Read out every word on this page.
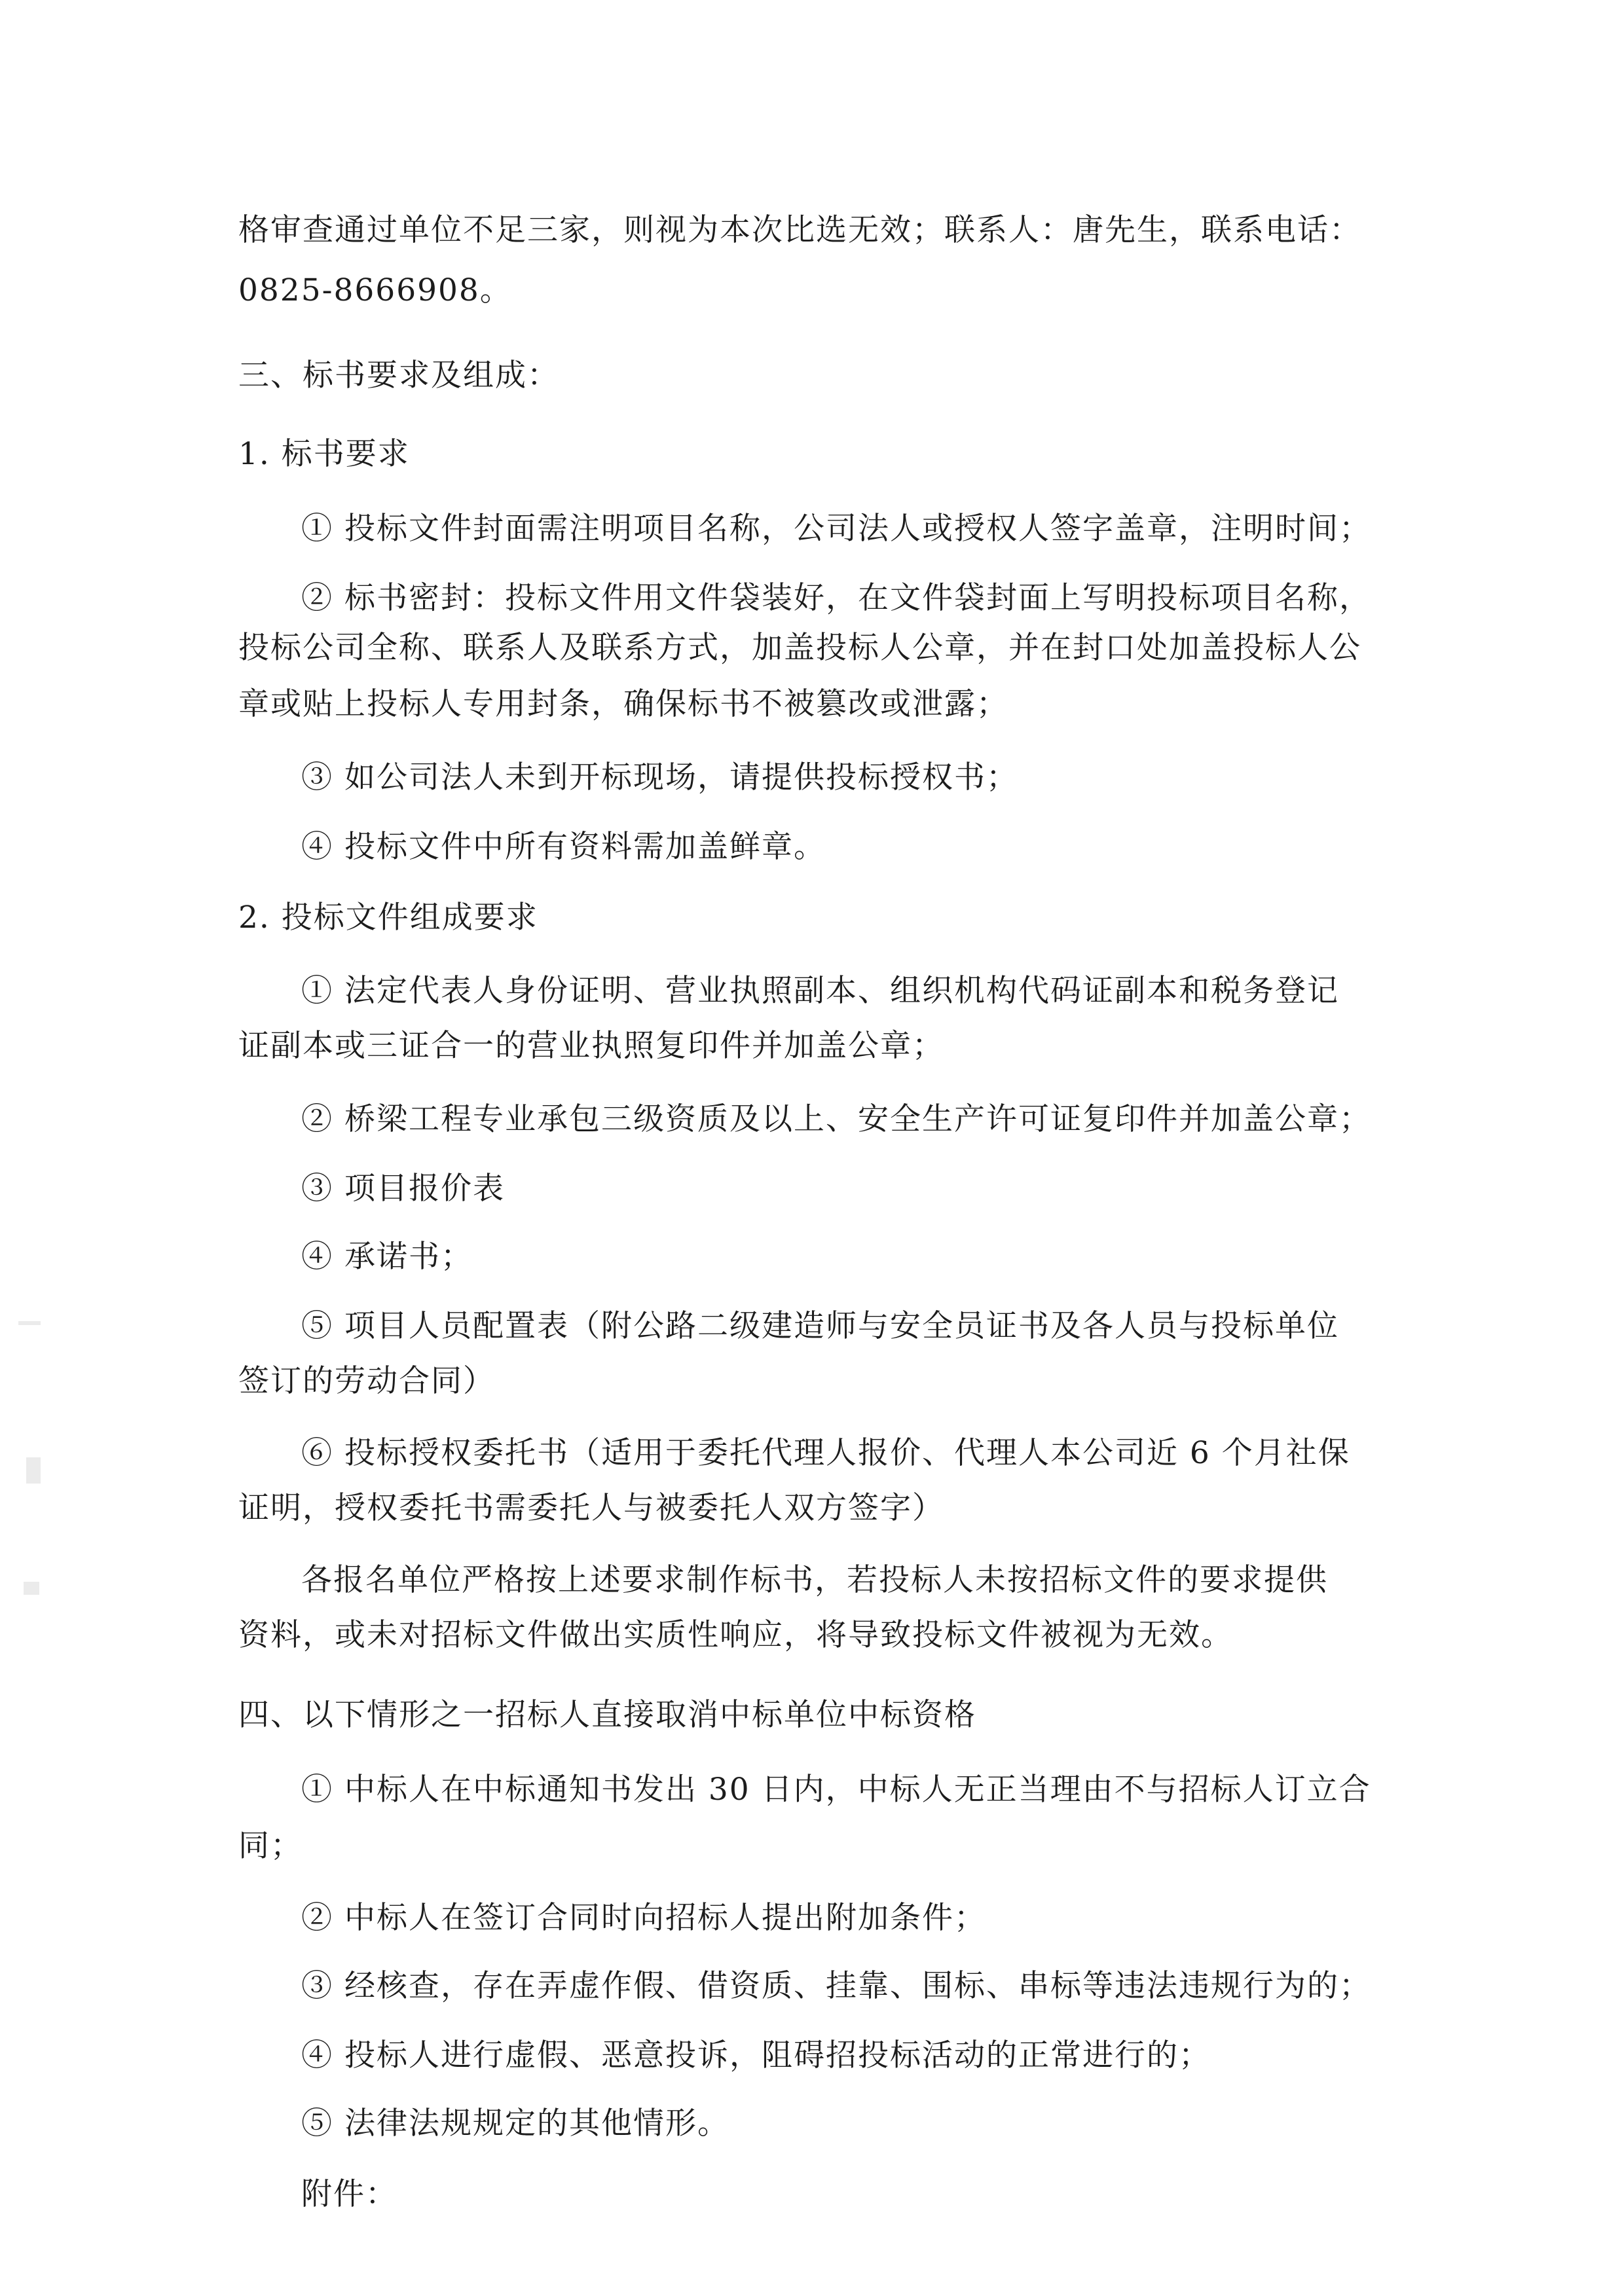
格审查通过单位不足三家，则视为本次比选无效；联系人：唐先生，联系电话：

0825-8666908。

三、标书要求及组成：

1. 标书要求

① 投标文件封面需注明项目名称，公司法人或授权人签字盖章，注明时间；

② 标书密封：投标文件用文件袋装好，在文件袋封面上写明投标项目名称，

投标公司全称、联系人及联系方式，加盖投标人公章，并在封口处加盖投标人公

章或贴上投标人专用封条，确保标书不被篡改或泄露；

③ 如公司法人未到开标现场，请提供投标授权书；

④ 投标文件中所有资料需加盖鲜章。

2. 投标文件组成要求

① 法定代表人身份证明、营业执照副本、组织机构代码证副本和税务登记

证副本或三证合一的营业执照复印件并加盖公章；

② 桥梁工程专业承包三级资质及以上、安全生产许可证复印件并加盖公章；

③ 项目报价表

④ 承诺书；

⑤ 项目人员配置表（附公路二级建造师与安全员证书及各人员与投标单位

签订的劳动合同）

⑥ 投标授权委托书（适用于委托代理人报价、代理人本公司近 6 个月社保

证明，授权委托书需委托人与被委托人双方签字）

各报名单位严格按上述要求制作标书，若投标人未按招标文件的要求提供

资料，或未对招标文件做出实质性响应，将导致投标文件被视为无效。

四、以下情形之一招标人直接取消中标单位中标资格

① 中标人在中标通知书发出 30 日内，中标人无正当理由不与招标人订立合

同；

② 中标人在签订合同时向招标人提出附加条件；

③ 经核查，存在弄虚作假、借资质、挂靠、围标、串标等违法违规行为的；

④ 投标人进行虚假、恶意投诉，阻碍招投标活动的正常进行的；

⑤ 法律法规规定的其他情形。

附件：
